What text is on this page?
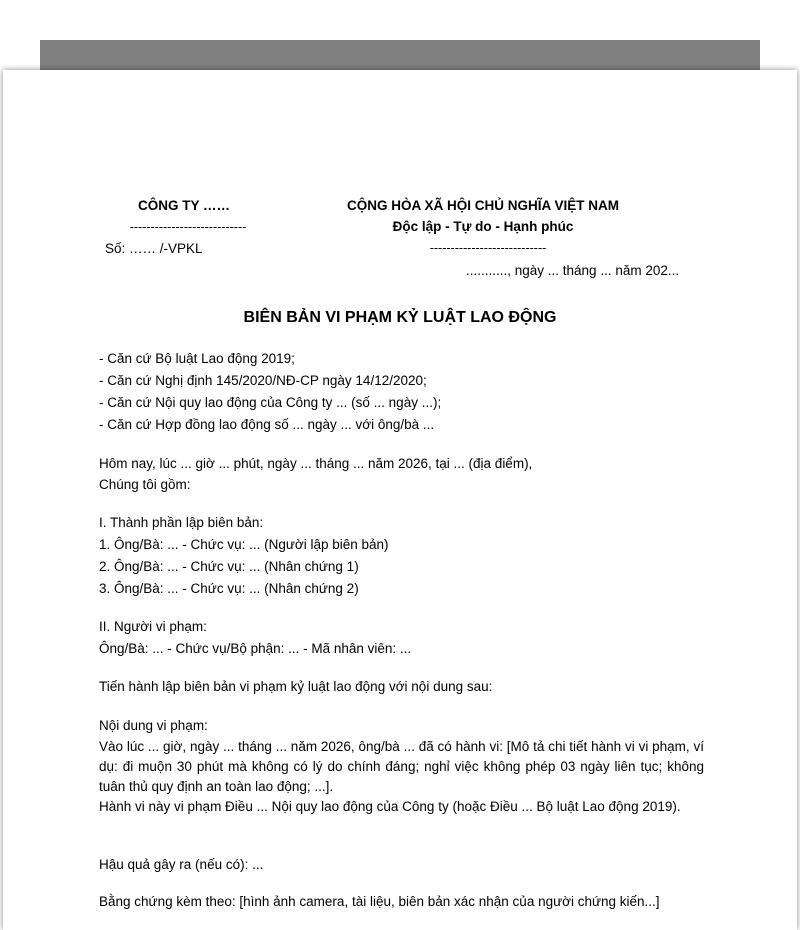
CÔNG TY ……
----------------------------
Số: …… /-VPKL
CỘNG HÒA XÃ HỘI CHỦ NGHĨA VIỆT NAM
Độc lập - Tự do - Hạnh phúc
----------------------------
..........., ngày ... tháng ... năm 202...
BIÊN BẢN VI PHẠM KỶ LUẬT LAO ĐỘNG
- Căn cứ Bộ luật Lao động 2019;
- Căn cứ Nghị định 145/2020/NĐ-CP ngày 14/12/2020;
- Căn cứ Nội quy lao động của Công ty ... (số ... ngày ...);
- Căn cứ Hợp đồng lao động số ... ngày ... với ông/bà ...
Hôm nay, lúc ... giờ ... phút, ngày ... tháng ... năm 2026, tại ... (địa điểm),
Chúng tôi gồm:
I. Thành phần lập biên bản:
1. Ông/Bà: ... - Chức vụ: ... (Người lập biên bản)
2. Ông/Bà: ... - Chức vụ: ... (Nhân chứng 1)
3. Ông/Bà: ... - Chức vụ: ... (Nhân chứng 2)
II. Người vi phạm:
Ông/Bà: ... - Chức vụ/Bộ phận: ... - Mã nhân viên: ...
Tiến hành lập biên bản vi phạm kỷ luật lao động với nội dung sau:
Nội dung vi phạm:
Vào lúc ... giờ, ngày ... tháng ... năm 2026, ông/bà ... đã có hành vi: [Mô tả chi tiết hành vi vi phạm, ví dụ: đi muộn 30 phút mà không có lý do chính đáng; nghỉ việc không phép 03 ngày liên tục; không tuân thủ quy định an toàn lao động; ...].
Hành vi này vi phạm Điều ... Nội quy lao động của Công ty (hoặc Điều ... Bộ luật Lao động 2019).
Hậu quả gây ra (nếu có): ...
Bằng chứng kèm theo: [hình ảnh camera, tài liệu, biên bản xác nhận của người chứng kiến...]
